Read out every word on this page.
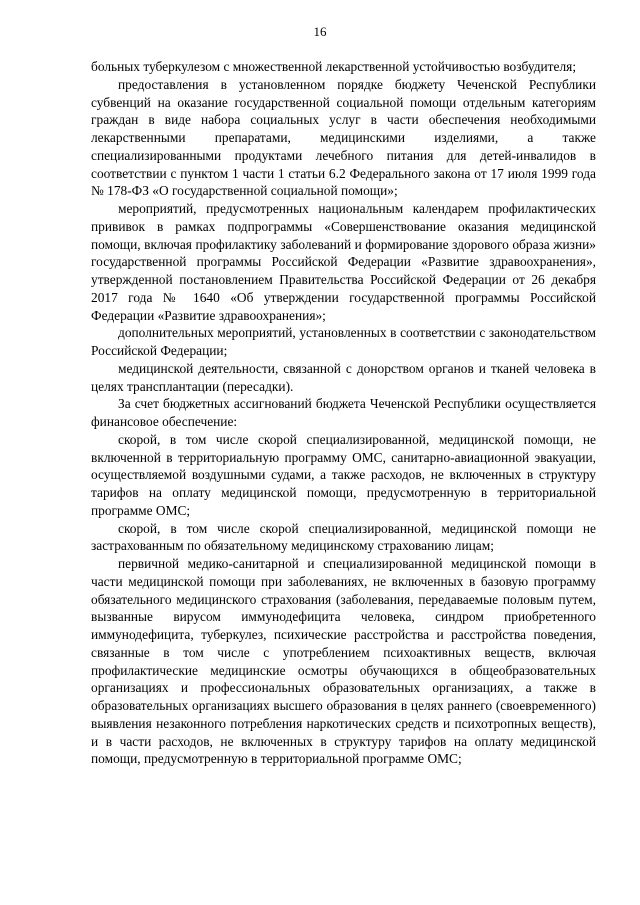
16

больных туберкулезом с множественной лекарственной устойчивостью возбудителя;

предоставления в установленном порядке бюджету Чеченской Республики субвенций на оказание государственной социальной помощи отдельным категориям граждан в виде набора социальных услуг в части обеспечения необходимыми лекарственными препаратами, медицинскими изделиями, а также специализированными продуктами лечебного питания для детей-инвалидов в соответствии с пунктом 1 части 1 статьи 6.2 Федерального закона от 17 июля 1999 года № 178-ФЗ «О государственной социальной помощи»;

мероприятий, предусмотренных национальным календарем профилактических прививок в рамках подпрограммы «Совершенствование оказания медицинской помощи, включая профилактику заболеваний и формирование здорового образа жизни» государственной программы Российской Федерации «Развитие здравоохранения», утвержденной постановлением Правительства Российской Федерации от 26 декабря 2017 года № 1640 «Об утверждении государственной программы Российской Федерации «Развитие здравоохранения»;

дополнительных мероприятий, установленных в соответствии с законодательством Российской Федерации;

медицинской деятельности, связанной с донорством органов и тканей человека в целях трансплантации (пересадки).

За счет бюджетных ассигнований бюджета Чеченской Республики осуществляется финансовое обеспечение:

скорой, в том числе скорой специализированной, медицинской помощи, не включенной в территориальную программу ОМС, санитарно-авиационной эвакуации, осуществляемой воздушными судами, а также расходов, не включенных в структуру тарифов на оплату медицинской помощи, предусмотренную в территориальной программе ОМС;

скорой, в том числе скорой специализированной, медицинской помощи не застрахованным по обязательному медицинскому страхованию лицам;

первичной медико-санитарной и специализированной медицинской помощи в части медицинской помощи при заболеваниях, не включенных в базовую программу обязательного медицинского страхования (заболевания, передаваемые половым путем, вызванные вирусом иммунодефицита человека, синдром приобретенного иммунодефицита, туберкулез, психические расстройства и расстройства поведения, связанные в том числе с употреблением психоактивных веществ, включая профилактические медицинские осмотры обучающихся в общеобразовательных организациях и профессиональных образовательных организациях, а также в образовательных организациях высшего образования в целях раннего (своевременного) выявления незаконного потребления наркотических средств и психотропных веществ), и в части расходов, не включенных в структуру тарифов на оплату медицинской помощи, предусмотренную в территориальной программе ОМС;
